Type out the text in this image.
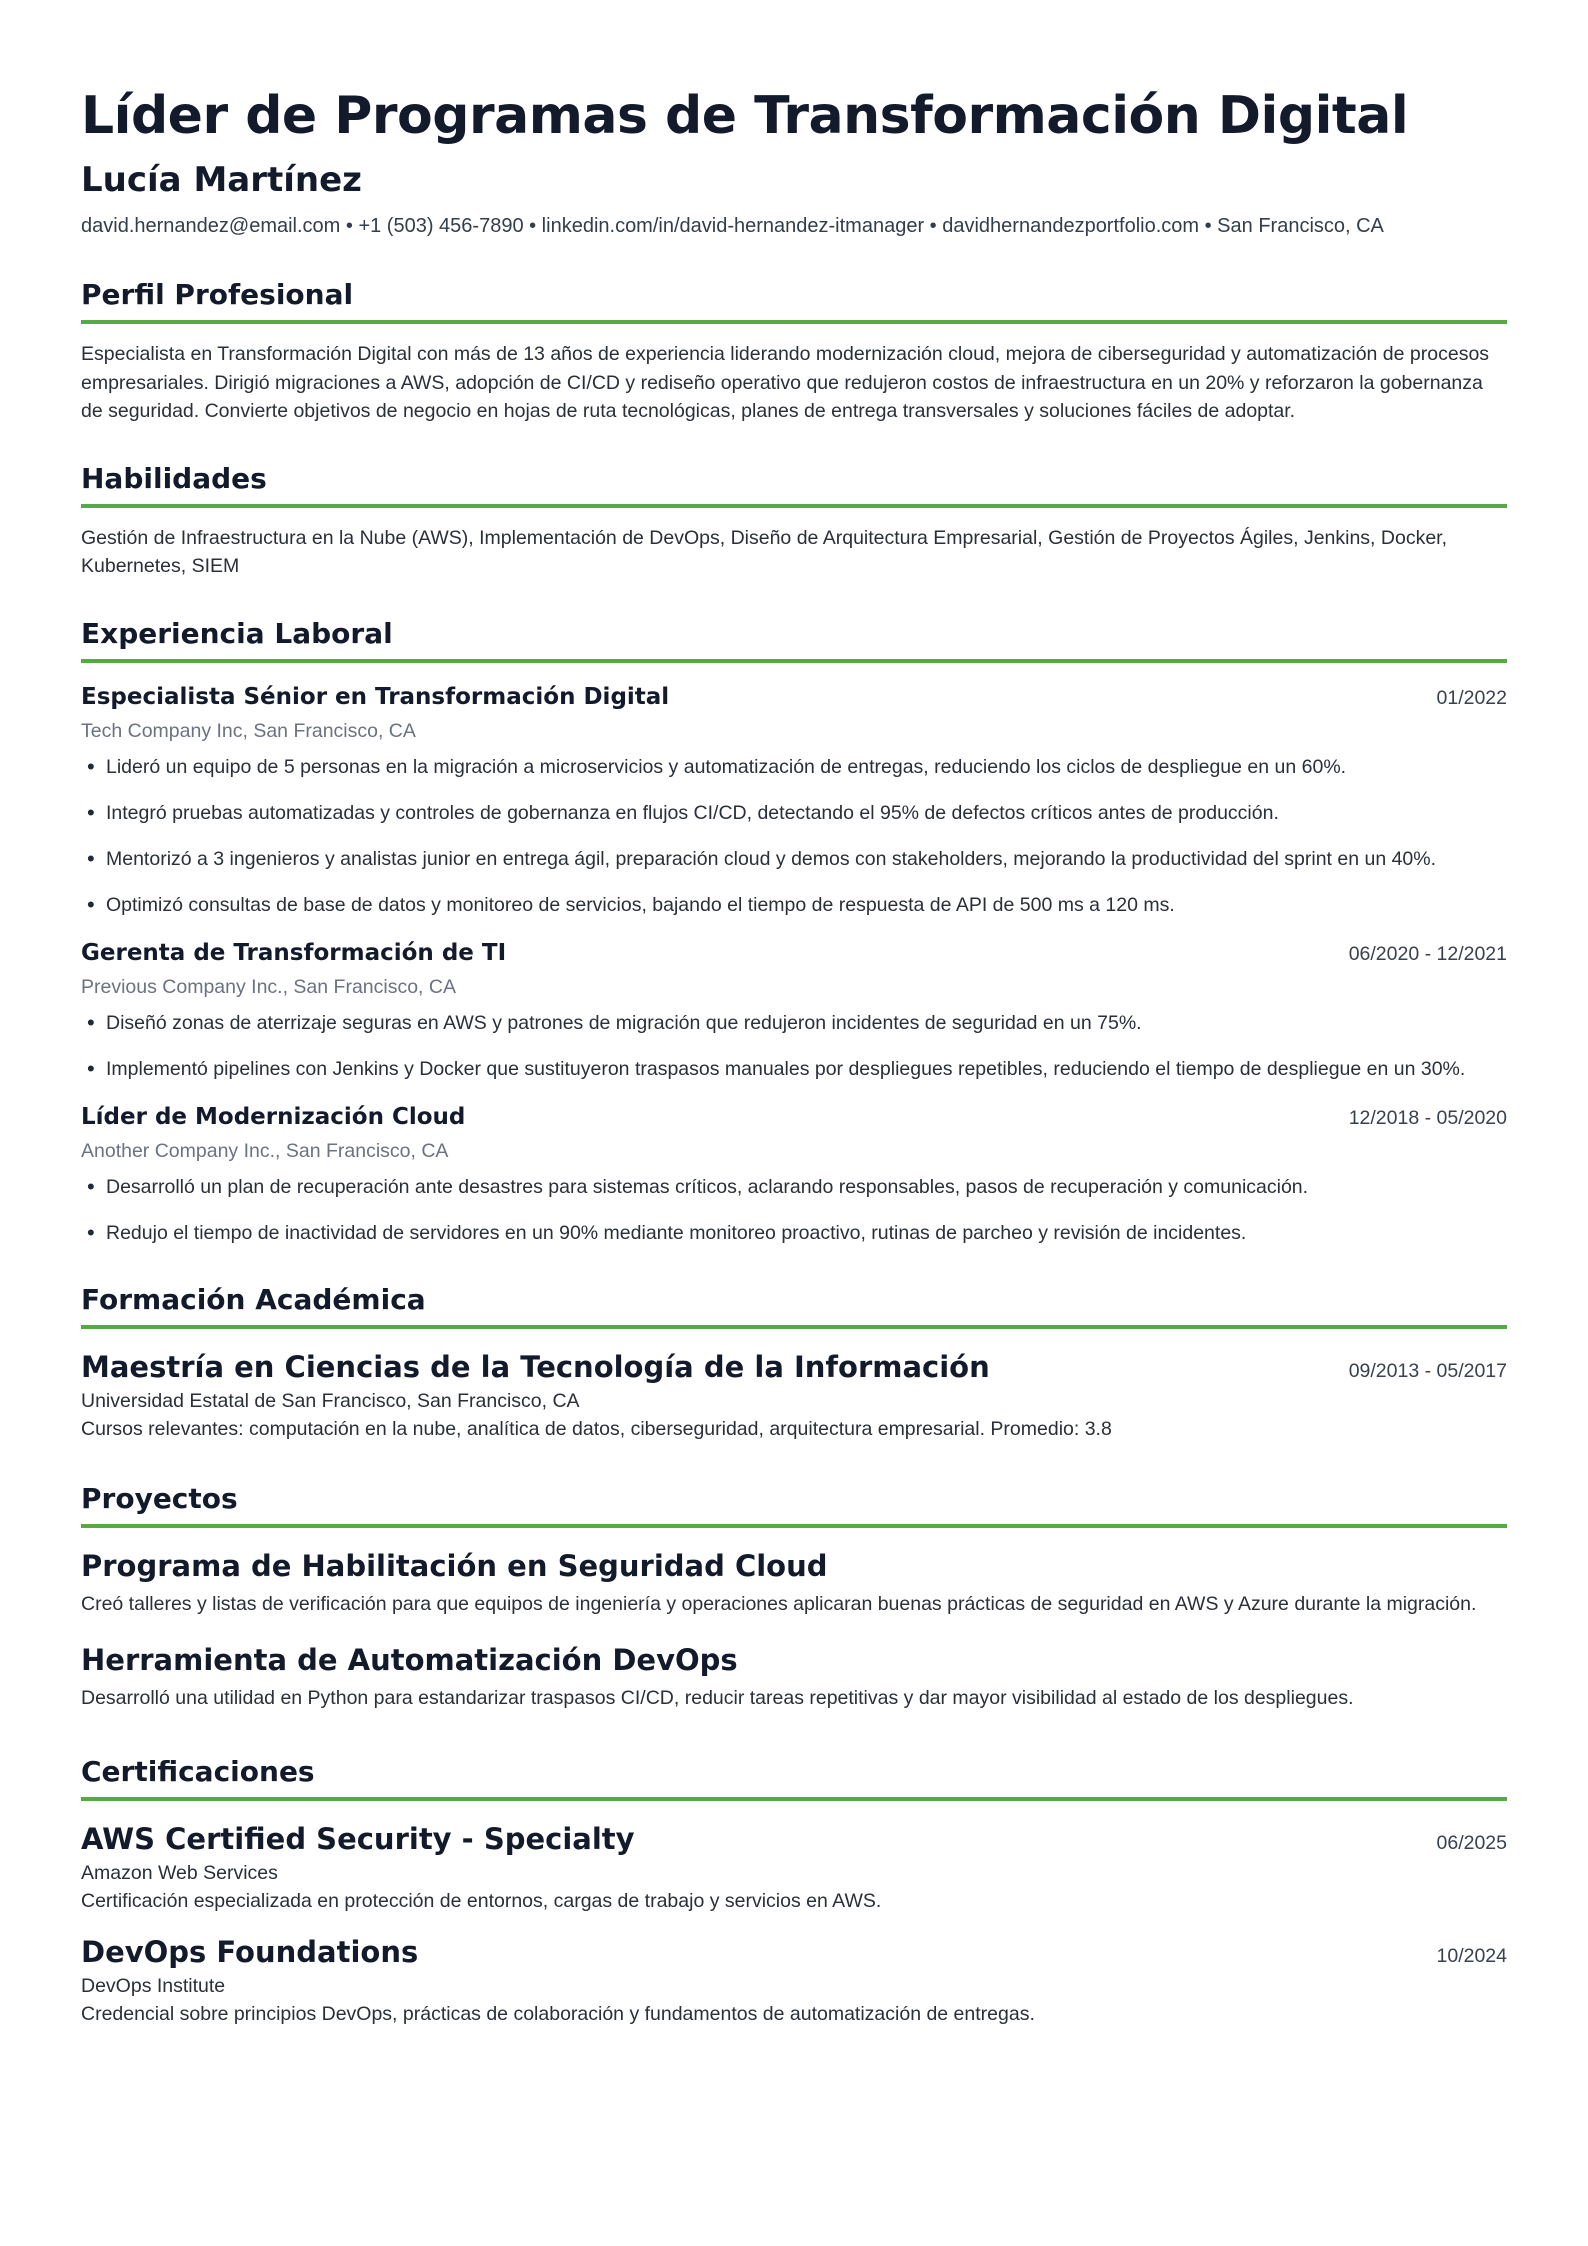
Líder de Programas de Transformación Digital
Lucía Martínez
david.hernandez@email.com • +1 (503) 456-7890 • linkedin.com/in/david-hernandez-itmanager • davidhernandezportfolio.com • San Francisco, CA
Perfil Profesional
Especialista en Transformación Digital con más de 13 años de experiencia liderando modernización cloud, mejora de ciberseguridad y automatización de procesos empresariales. Dirigió migraciones a AWS, adopción de CI/CD y rediseño operativo que redujeron costos de infraestructura en un 20% y reforzaron la gobernanza de seguridad. Convierte objetivos de negocio en hojas de ruta tecnológicas, planes de entrega transversales y soluciones fáciles de adoptar.
Habilidades
Gestión de Infraestructura en la Nube (AWS), Implementación de DevOps, Diseño de Arquitectura Empresarial, Gestión de Proyectos Ágiles, Jenkins, Docker, Kubernetes, SIEM
Experiencia Laboral
Especialista Sénior en Transformación Digital	01/2022
Tech Company Inc, San Francisco, CA
• Lideró un equipo de 5 personas en la migración a microservicios y automatización de entregas, reduciendo los ciclos de despliegue en un 60%.
• Integró pruebas automatizadas y controles de gobernanza en flujos CI/CD, detectando el 95% de defectos críticos antes de producción.
• Mentorizó a 3 ingenieros y analistas junior en entrega ágil, preparación cloud y demos con stakeholders, mejorando la productividad del sprint en un 40%.
• Optimizó consultas de base de datos y monitoreo de servicios, bajando el tiempo de respuesta de API de 500 ms a 120 ms.
Gerenta de Transformación de TI	06/2020 - 12/2021
Previous Company Inc., San Francisco, CA
• Diseñó zonas de aterrizaje seguras en AWS y patrones de migración que redujeron incidentes de seguridad en un 75%.
• Implementó pipelines con Jenkins y Docker que sustituyeron traspasos manuales por despliegues repetibles, reduciendo el tiempo de despliegue en un 30%.
Líder de Modernización Cloud	12/2018 - 05/2020
Another Company Inc., San Francisco, CA
• Desarrolló un plan de recuperación ante desastres para sistemas críticos, aclarando responsables, pasos de recuperación y comunicación.
• Redujo el tiempo de inactividad de servidores en un 90% mediante monitoreo proactivo, rutinas de parcheo y revisión de incidentes.
Formación Académica
Maestría en Ciencias de la Tecnología de la Información	09/2013 - 05/2017
Universidad Estatal de San Francisco, San Francisco, CA
Cursos relevantes: computación en la nube, analítica de datos, ciberseguridad, arquitectura empresarial. Promedio: 3.8
Proyectos
Programa de Habilitación en Seguridad Cloud
Creó talleres y listas de verificación para que equipos de ingeniería y operaciones aplicaran buenas prácticas de seguridad en AWS y Azure durante la migración.
Herramienta de Automatización DevOps
Desarrolló una utilidad en Python para estandarizar traspasos CI/CD, reducir tareas repetitivas y dar mayor visibilidad al estado de los despliegues.
Certificaciones
AWS Certified Security - Specialty	06/2025
Amazon Web Services
Certificación especializada en protección de entornos, cargas de trabajo y servicios en AWS.
DevOps Foundations	10/2024
DevOps Institute
Credencial sobre principios DevOps, prácticas de colaboración y fundamentos de automatización de entregas.
